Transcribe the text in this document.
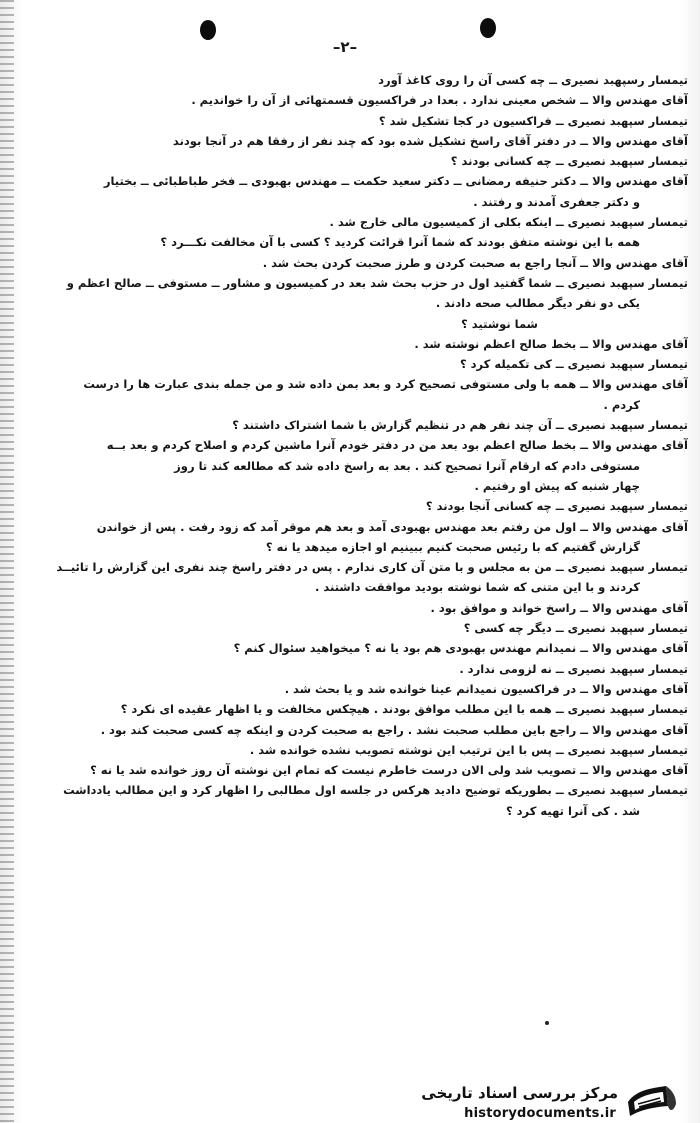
–۲–
تیمسار رسپهبد نصیری ــ چه کسی آن را روی کاغذ آورد
آقای مهندس والا ــ شخص معینی ندارد . بعدا در فراکسیون قسمتهائی از آن را خواندیم .
تیمسار سپهبد نصیری ــ فراکسیون در کجا تشکیل شد ؟
آقای مهندس والا ــ در دفتر آقای راسخ تشکیل شده بود که چند نفر از رفقا هم در آنجا بودند
تیمسار سپهبد نصیری ــ چه کسانی بودند ؟
آقای مهندس والا ــ دکتر حنیفه رمضانی ــ دکتر سعید حکمت ــ مهندس بهبودی ــ فخر طباطبائی ــ بختیار
و دکتر جعفری آمدند و رفتند .
تیمسار سپهبد نصیری ــ اینکه بکلی از کمیسیون مالی خارج شد .
همه با این نوشته متفق بودند که شما آنرا قرائت کردید ؟ کسی با آن مخالفت نکـــرد ؟
آقای مهندس والا ــ آنجا راجع به صحبت کردن و طرز صحبت کردن بحث شد .
تیمسار سپهبد نصیری ــ شما گفتید اول در حزب بحث شد بعد در کمیسیون و مشاور ــ مستوفی ــ صالح اعظم و
یکی دو نفر دیگر مطالب صحه دادند .
شما نوشتید ؟
آقای مهندس والا ــ بخط صالح اعظم نوشته شد .
تیمسار سپهبد نصیری ــ کی تکمیله کرد ؟
آقای مهندس والا ــ همه با ولی مستوفی تصحیح کرد و بعد بمن داده شد و من جمله بندی عبارت ها را درست
کردم .
تیمسار سپهبد نصیری ــ آن چند نفر هم در تنظیم گزارش با شما اشتراک داشتند ؟
آقای مهندس والا ــ بخط صالح اعظم بود بعد من در دفتر خودم آنرا ماشین کردم و اصلاح کردم و بعد بــه
مستوفی دادم که ارقام آنرا تصحیح کند . بعد به راسخ داده شد که مطالعه کند تا روز
چهار شنبه که پیش او رفتیم .
تیمسار سپهبد نصیری ــ چه کسانی آنجا بودند ؟
آقای مهندس والا ــ اول من رفتم بعد مهندس بهبودی آمد و بعد هم موقر آمد که زود رفت . پس از خواندن
گزارش گفتیم که با رئیس صحبت کنیم ببینیم او اجازه میدهد یا نه ؟
تیمسار سپهبد نصیری ــ من به مجلس و با متن آن کاری ندارم . پس در دفتر راسخ چند نفری این گزارش را تائیــد
کردند و با این متنی که شما نوشته بودید موافقت داشتند .
آقای مهندس والا ــ راسخ خواند و موافق بود .
تیمسار سپهبد نصیری ــ دیگر چه کسی ؟
آقای مهندس والا ــ نمیدانم مهندس بهبودی هم بود یا نه ؟ میخواهید سئوال کنم ؟
تیمسار سپهبد نصیری ــ نه لزومی ندارد .
آقای مهندس والا ــ در فراکسیون نمیدانم عینا خوانده شد و یا بحث شد .
تیمسار سپهبد نصیری ــ همه با این مطلب موافق بودند . هیچکس مخالفت و یا اظهار عقیده ای نکرد ؟
آقای مهندس والا ــ راجع باین مطلب صحبت نشد . راجع به صحبت کردن و اینکه چه کسی صحبت کند بود .
تیمسار سپهبد نصیری ــ پس با این ترتیب این نوشته تصویب نشده خوانده شد .
آقای مهندس والا ــ تصویب شد ولی الان درست خاطرم نیست که تمام این نوشته آن روز خوانده شد یا نه ؟
تیمسار سپهبد نصیری ــ بطوریکه توضیح دادید هرکس در جلسه اول مطالبی را اظهار کرد و این مطالب یادداشت
شد . کی آنرا تهیه کرد ؟
مرکز بررسی اسناد تاریخی
historydocuments.ir
